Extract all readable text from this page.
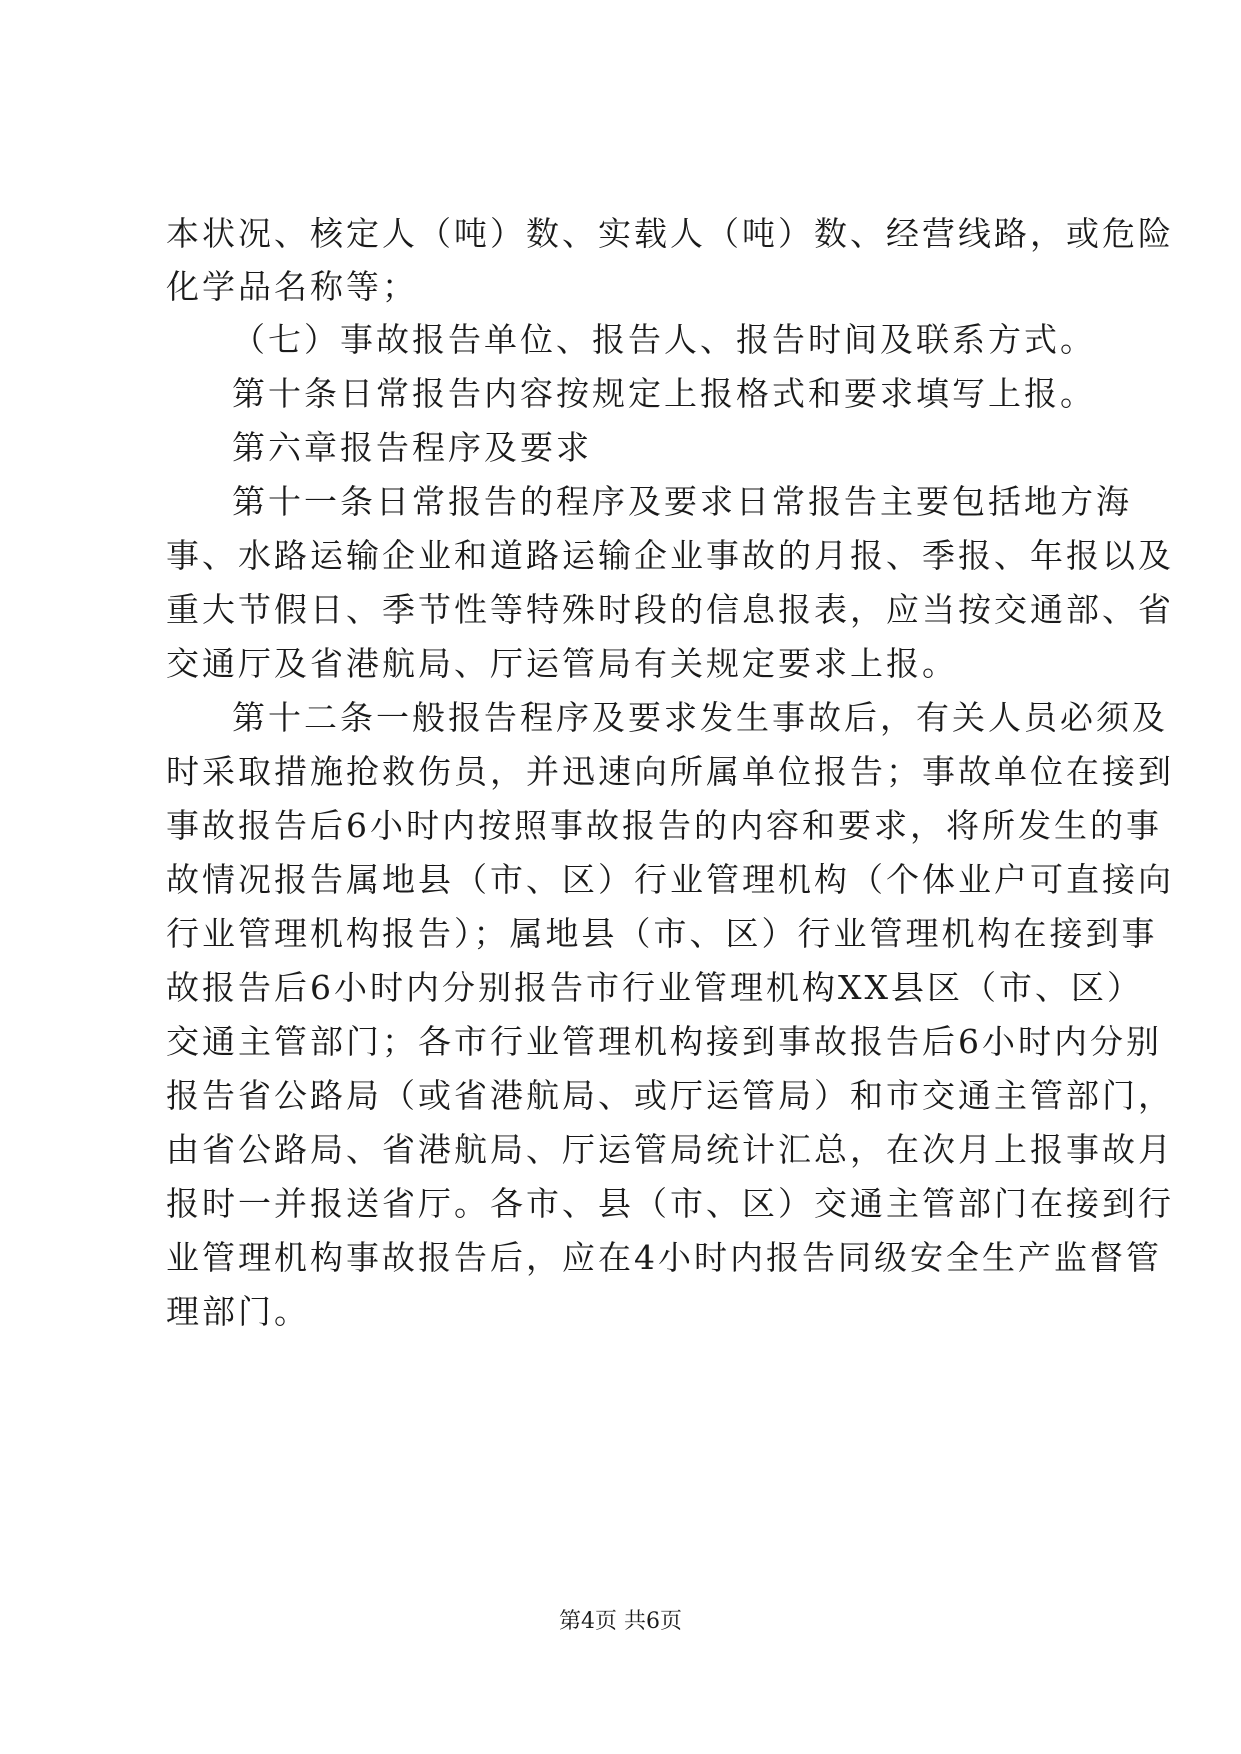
本状况、核定人（吨）数、实载人（吨）数、经营线路，或危险
化学品名称等；
（七）事故报告单位、报告人、报告时间及联系方式。
第十条日常报告内容按规定上报格式和要求填写上报。
第六章报告程序及要求
第十一条日常报告的程序及要求日常报告主要包括地方海
事、水路运输企业和道路运输企业事故的月报、季报、年报以及
重大节假日、季节性等特殊时段的信息报表，应当按交通部、省
交通厅及省港航局、厅运管局有关规定要求上报。
第十二条一般报告程序及要求发生事故后，有关人员必须及
时采取措施抢救伤员，并迅速向所属单位报告；事故单位在接到
事故报告后6小时内按照事故报告的内容和要求，将所发生的事
故情况报告属地县（市、区）行业管理机构（个体业户可直接向
行业管理机构报告）；属地县（市、区）行业管理机构在接到事
故报告后6小时内分别报告市行业管理机构XX县区（市、区）
交通主管部门；各市行业管理机构接到事故报告后6小时内分别
报告省公路局（或省港航局、或厅运管局）和市交通主管部门，
由省公路局、省港航局、厅运管局统计汇总，在次月上报事故月
报时一并报送省厅。各市、县（市、区）交通主管部门在接到行
业管理机构事故报告后，应在4小时内报告同级安全生产监督管
理部门。
第4页 共6页
